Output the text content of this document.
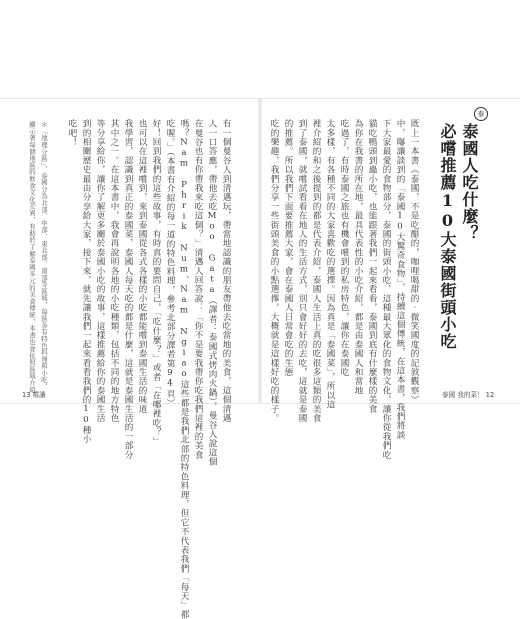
顯示著每個地區的飲食文化差異，有助於了解泰國多元的美食傳統，本書也會依照區域介紹 ＊「地理分區」，泰國分為北部、中部、東北部、南部等區域，每區各有特色料理和小吃， 吃吧！ 到的相關歷史最由分享給大家，接下來，就先讓我們一起來看看我們的10種小 等分享給你，讓你了解更多關於泰國小吃的故事，這樣推薦給你的泰國生活 其中之一。在這本書中，我會再說明各地的小吃種類，包括不同的地方特色 我學習，認識到真正的泰國菜，泰國人每天吃的都是什麼，這就是泰國生活的一部分 也可以在這裡嚐到，來到泰國從各式各樣的小吃都能嚐到泰國生活的味道 好！回到我們的這些故事，有時真的要問自己，「吃什麼？」或者「在哪裡吃？」 吃喔。」（本書有介紹的每一道的特色料理，參考北部分譯者第94頁） 嗎？Nam Phrik Num、Nam Ngiao這些都是我們北部的特色料理，但它不代表我們「每天」都 在曼谷也有你帶我來吃這個？」清邁人回答說：「你不是要我帶你吃我們這裡的美食 人一口答應，帶他去吃Moo Gata（譯者：泰國式烤肉火鍋），曼谷人說這個 有一個曼谷人到清邁玩，帶當地認識的朋友帶他去吃當地的美食，這個清邁
13 嚐讓	吃的樂趣，我們分享一些街頭美食的小點選擇，大概就是這樣好吃的樣子。 的推薦。所以我們下面要推薦大家，會在泰國人日常會吃的生態 到了泰國，就嚐試看看在地人的生活方式，別只會好好的去吃，這就是泰國 裡介紹的和之後提到的都是代表介紹，泰國人生活上真的吃很多這類的美食 太多樣，有各種不同的大家喜歡吃的選擇。因為真是「泰國菜」，所以這 吃過了，有時泰國之旅也有機會嚐到的私房特色，讓你在泰國吃 為你在我書的所在地，最具代表性的小吃介紹，都是由泰國人和當地 貓吃鴨頭到蟲小吃，也能跟著我們一起來看看，泰國到底有什麼樣的美食 下大家最愛的食物部分，泰國的街頭小吃，這種最大眾化的食物文化，讓你從我們吃 中，曝讓談到的「泰國10大驚奇食物」，持續這個傳統，在這本書，我們將談 既上一本書《泰國，不是吃醋的，咖哩喝甜的‧微笑國度的記敘觀察》 必嚐推薦10大泰國街頭小吃 泰國人吃什麼？
泰
泰國 我的菜！ 12
